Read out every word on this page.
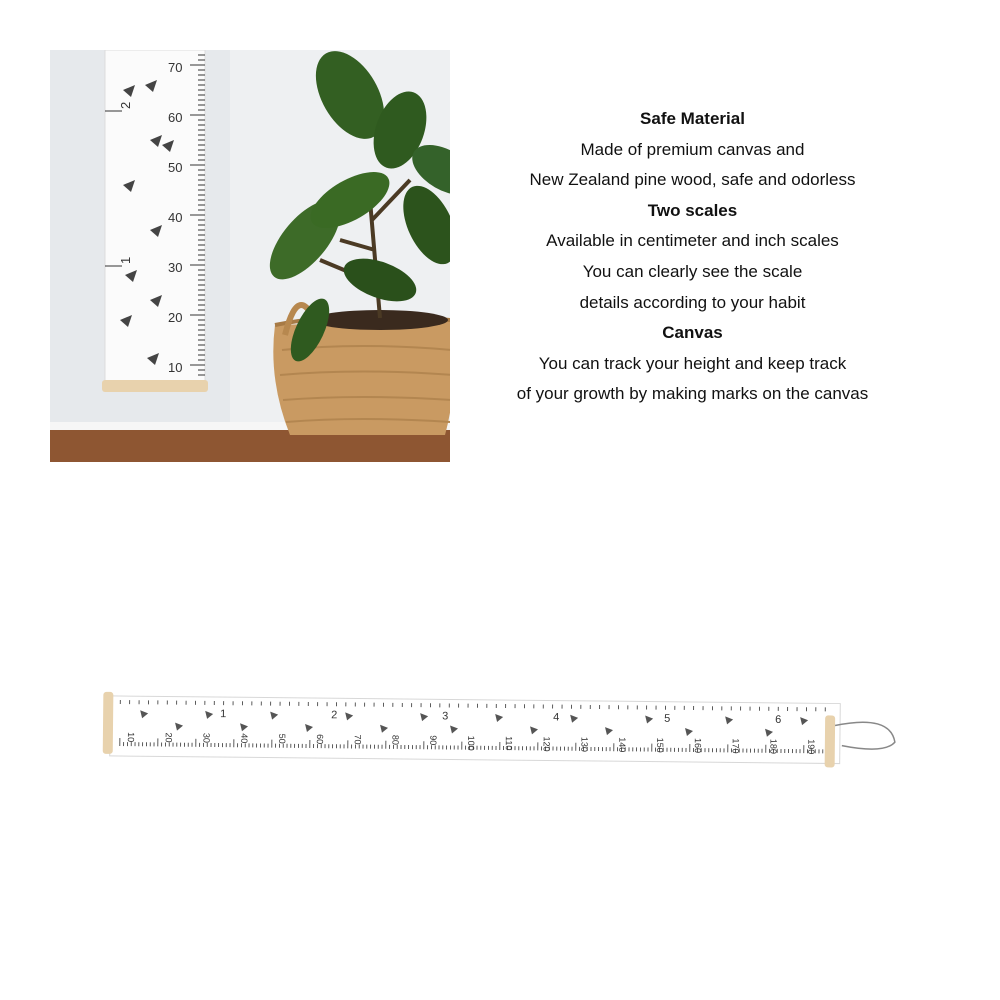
70
60
50
40
30
20
10
2
1
Safe Material
Made of premium canvas and
New Zealand pine wood, safe and odorless
Two scales
Available in centimeter and inch scales
You can clearly see the scale
details according to your habit
Canvas
You can track your height and keep track
of your growth by making marks on the canvas
10	20	30	40	50	60	70	80	90	100	110	120	130	140	150	160	170	180	190
1	2	3	4	5	6
